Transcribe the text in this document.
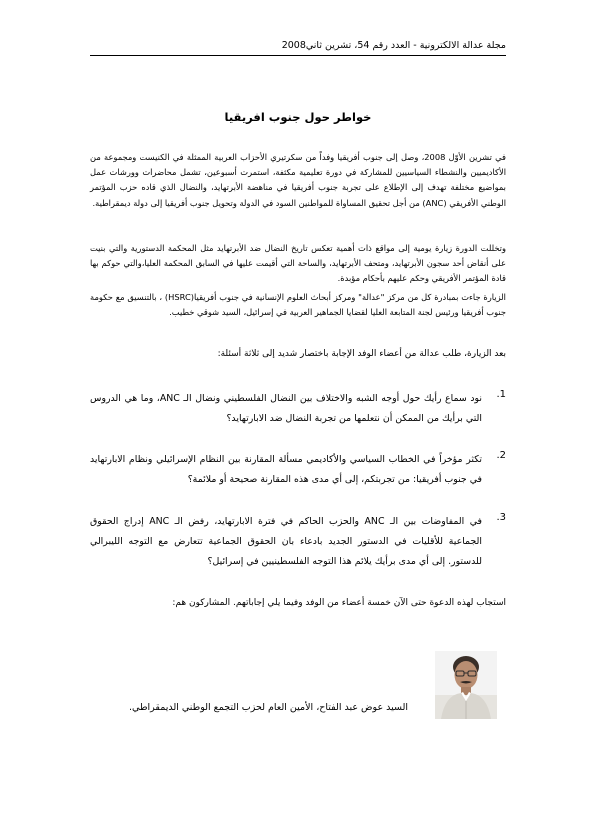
مجلة عدالة الالكترونية - العدد رقم 54، تشرين ثاني2008
خواطر حول جنوب افريقيا
في تشرين الأوّل 2008، وصل إلى جنوب أفريقيا وفداً من سكرتيري الأحزاب العربية الممثلة في الكنيست ومجموعة من الأكاديميين والنشطاء السياسيين للمشاركة في دورة تعليمية مكثفة، استمرت أسبوعين، تشمل محاضرات وورشات عمل بمواضيع مختلفة تهدف إلى الإطلاع على تجربة جنوب أفريقيا في مناهضة الأبرتهايد، والنضال الذي قاده حزب المؤتمر الوطني الأفريقي (ANC) من أجل تحقيق المساواة للمواطنين السود في الدولة وتحويل جنوب أفريقيا إلى دولة ديمقراطية.
وتخللت الدورة زيارة يومية إلى مواقع ذات أهمية تعكس تاريخ النضال ضد الأبرتهايد مثل المحكمة الدستورية والتي بنيت على أنقاض أحد سجون الأبرتهايد، ومتحف الأبرتهايد، والساحة التي أقيمت عليها في السابق المحكمة العليا،والتي حوكم بها قادة المؤتمر الأفريقي وحكم عليهم بأحكام مؤبدة.
الزيارة جاءت بمبادرة كل من مركز "عدالة" ومركز أبحاث العلوم الإنسانية في جنوب أفريقيا(HSRC) ، بالتنسيق مع حكومة جنوب أفريقيا ورئيس لجنة المتابعة العليا لقضايا الجماهير العربية في إسرائيل، السيد شوقي خطيب.
بعد الزيارة، طلب عدالة من أعضاء الوفد الإجابة باختصار شديد إلى ثلاثة أسئلة:
1.
نود سماع رأيك حول أوجه الشبه والاختلاف بين النضال الفلسطيني ونضال الـ ANC، وما هي الدروس التي برأيك من الممكن أن نتعلمها من تجربة النضال ضد الابارتهايد؟
2.
تكثر مؤخراً في الخطاب السياسي والأكاديمي مسألة المقارنة بين النظام الإسرائيلي ونظام الابارتهايد في جنوب أفريقيا: من تجربتكم، إلى أي مدى هذه المقارنة صحيحة أو ملائمة؟
3.
في المفاوضات بين الـ ANC والحزب الحاكم في فترة الابارتهايد، رفض الـ ANC إدراج الحقوق الجماعية للأقليات في الدستور الجديد بادعاء بان الحقوق الجماعية تتعارض مع التوجه الليبرالي للدستور. إلى أي مدى برأيك يلائم هذا التوجه الفلسطينيين في إسرائيل؟
استجاب لهذه الدعوة حتى الآن خمسة أعضاء من الوفد وفيما يلي إجاباتهم. المشاركون هم:
السيد عوض عبد الفتاح، الأمين العام لحزب التجمع الوطني الديمقراطي.
